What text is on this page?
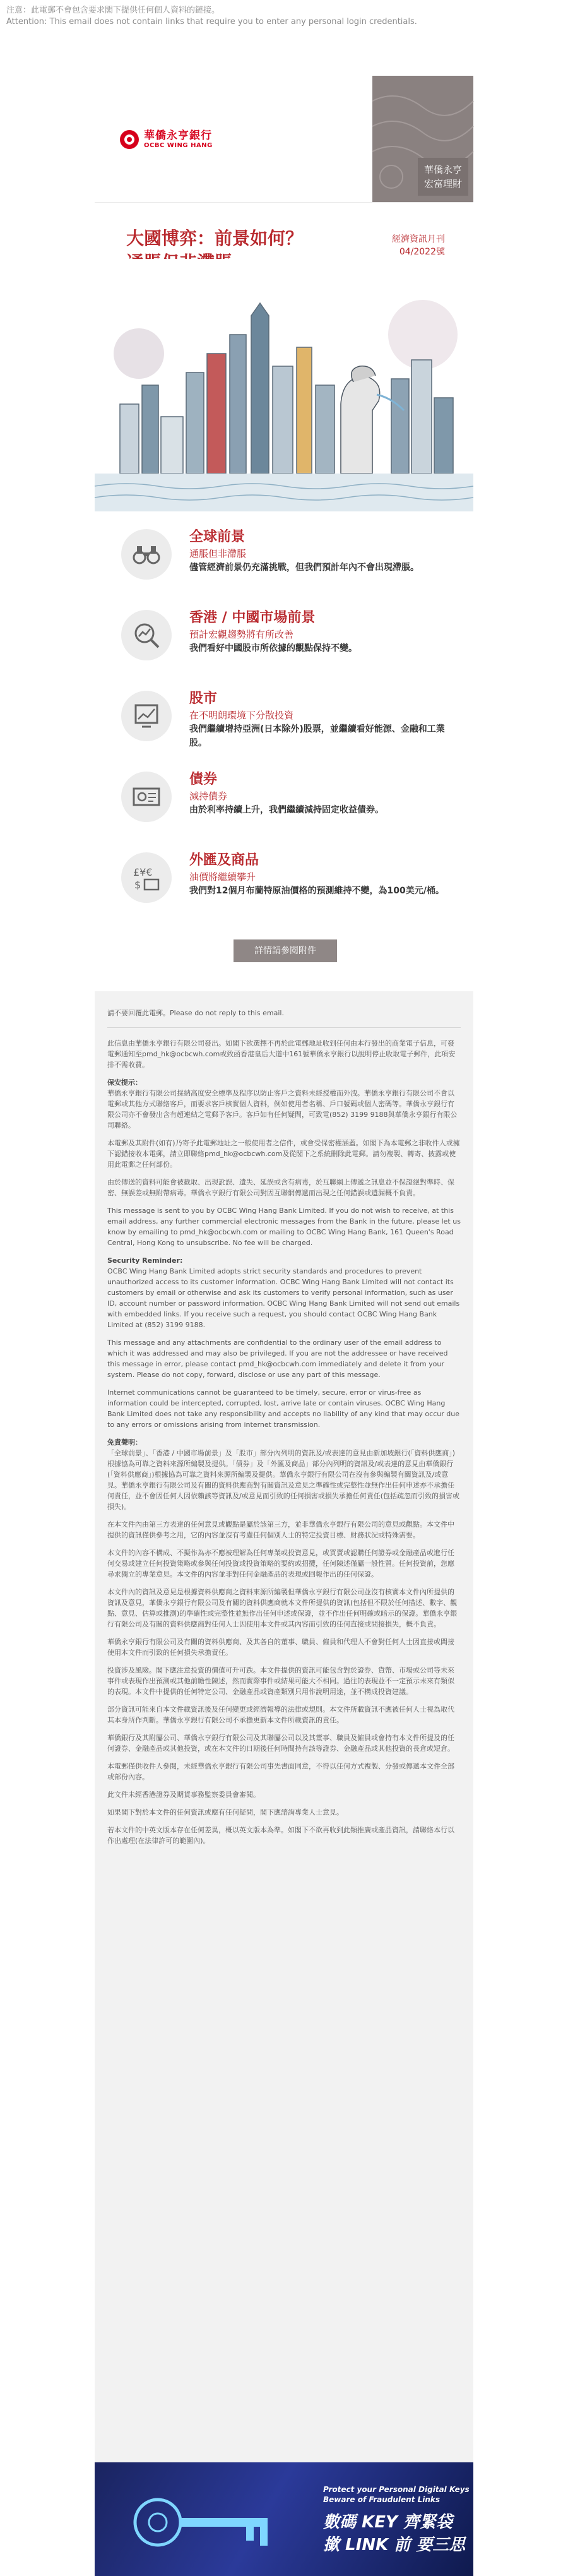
注意：此電郵不會包含要求閣下提供任何個人資料的鏈接。

Attention: This email does not contain links that require you to enter any personal login credentials.

華僑永亨銀行
OCBC WING HANG
華僑永亨
宏富理財
大國博弈：前景如何？	經濟資訊月刊
04/2022號
全球前景
通脹但非滯脹
儘管經濟前景仍充滿挑戰，但我們預計年內不會出現滯脹。
香港 / 中國市場前景
預計宏觀趨勢將有所改善
我們看好中國股市所依據的觀點保持不變。
股市
在不明朗環境下分散投資
我們繼續增持亞洲(日本除外)股票，並繼續看好能源、金融和工業股。
債券
減持債券
由於利率持續上升，我們繼續減持固定收益債券。
£¥€
$
外匯及商品
油價將繼續攀升
我們對12個月布蘭特原油價格的預測維持不變，為100美元/桶。
詳情請參閱附件

請不要回覆此電郵。Please do not reply to this email.

此信息由華僑永亨銀行有限公司發出。如閣下欲選擇不再於此電郵地址收到任何由本行發出的商業電子信息，可發電郵通知至pmd_hk@ocbcwh.com或致函香港皇后大道中161號華僑永亨銀行以說明停止收取電子郵件，此項安排不需收費。

保安提示：

華僑永亨銀行有限公司採納高度安全標準及程序以防止客戶之資料未經授權而外洩。華僑永亨銀行有限公司不會以電郵或其他方式聯絡客戶，而要求客戶核實個人資料，例如使用者名稱、戶口號碼或個人密碼等。華僑永亨銀行有限公司亦不會發出含有超連結之電郵予客戶。客戶如有任何疑問，可致電(852) 3199 9188與華僑永亨銀行有限公司聯絡。

本電郵及其附件(如有)乃寄予此電郵地址之一般使用者之信件，或會受保密權涵蓋。如閣下為本電郵之非收件人或擁下認錯接收本電郵，請立即聯絡pmd_hk@ocbcwh.com及從閣下之系統刪除此電郵。請勿複製、轉寄、披露或使用此電郵之任何部份。

由於傳送的資料可能會被截取、出現訛誤、遺失、延誤或含有病毒，於互聯網上傳遞之訊息並不保證絕對準時、保密、無誤差或無附帶病毒。華僑永亨銀行有限公司對因互聯網傳遞而出現之任何錯誤或遺漏概不負責。

This message is sent to you by OCBC Wing Hang Bank Limited. If you do not wish to receive, at this email address, any further commercial electronic messages from the Bank in the future, please let us know by emailing to pmd_hk@ocbcwh.com or mailing to OCBC Wing Hang Bank, 161 Queen's Road Central, Hong Kong to unsubscribe. No fee will be charged.

Security Reminder:

OCBC Wing Hang Bank Limited adopts strict security standards and procedures to prevent unauthorized access to its customer information. OCBC Wing Hang Bank Limited will not contact its customers by email or otherwise and ask its customers to verify personal information, such as user ID, account number or password information. OCBC Wing Hang Bank Limited will not send out emails with embedded links. If you receive such a request, you should contact OCBC Wing Hang Bank Limited at (852) 3199 9188.

This message and any attachments are confidential to the ordinary user of the email address to which it was addressed and may also be privileged. If you are not the addressee or have received this message in error, please contact pmd_hk@ocbcwh.com immediately and delete it from your system. Please do not copy, forward, disclose or use any part of this message.

Internet communications cannot be guaranteed to be timely, secure, error or virus-free as information could be intercepted, corrupted, lost, arrive late or contain viruses. OCBC Wing Hang Bank Limited does not take any responsibility and accepts no liability of any kind that may occur due to any errors or omissions arising from internet transmission.

免責聲明：

「全球前景」、「香港 / 中國市場前景」及「股市」部分內列明的資訊及/或表達的意見由新加坡銀行(「資料供應商」)根據協為可靠之資料來源所編製及提供。「債券」及「外匯及商品」部分內列明的資訊及/或表達的意見由華僑銀行(「資料供應商」)根據協為可靠之資料來源所編製及提供。華僑永亨銀行有限公司在沒有參與編製有關資訊及/或意見。華僑永亨銀行有限公司及有關的資料供應商對有關資訊及意見之準確性或完整性並無作出任何申述亦不承擔任何責任，並不會因任何人因依賴該等資訊及/或意見而引致的任何損害或損失承擔任何責任(包括疏忽而引致的損害或損失)。

在本文件內由第三方表達的任何意見或觀點是屬於該第三方，並非華僑永亨銀行有限公司的意見或觀點。本文件中提供的資訊僅供參考之用，它的內容並沒有考慮任何個別人士的特定投資目標、財務狀況或特殊需要。

本文件的內容不構成、不擬作為亦不應被理解為任何專業或投資意見，或買賣或認購任何證券或金融產品或進行任何交易或建立任何投資策略或參與任何投資或投資策略的要約或招攬，任何陳述僅屬一般性質。任何投資前，您應尋求獨立的專業意見。本文件的內容並非對任何金融產品的表現或回報作出的任何保證。

本文件內的資訊及意見是根據資料供應商之資料來源所編製但華僑永亨銀行有限公司並沒有核實本文件內所提供的資訊及意見，華僑永亨銀行有限公司及有關的資料供應商就本文件所提供的資訊(包括但不限於任何描述、數字、觀點、意見、估算或推測)的準確性或完整性並無作出任何申述或保證，並不作出任何明確或暗示的保證。華僑永亨銀行有限公司及有關的資料供應商對任何人士因使用本文件或其內容而引致的任何直接或間接損失，概不負責。

華僑永亨銀行有限公司及有關的資料供應商、及其各自的董事、職員、僱員和代理人不會對任何人士因直接或間接使用本文件而引致的任何損失承擔責任。

投資涉及風險。閣下應注意投資的價值可升可跌。本文件提供的資訊可能包含對於證券、貨幣、市場或公司等未來事件或表現作出預測或其他前瞻性陳述，然而實際事件或結果可能大不相同。過往的表現並不一定預示未來有類似的表現。本文件中提供的任何特定公司、金融產品或資產類別只用作說明用途，並不構成投資建議。

部分資訊可能來自本文件載資訊後及任何變更或經濟報導的法律或規則。本文件所載資訊不應被任何人士視為取代其本身所作判斷。華僑永亨銀行有限公司不承擔更新本文件所載資訊的責任。

華僑銀行及其附屬公司、華僑永亨銀行有限公司及其聯屬公司以及其董事、職員及僱員或會持有本文件所提及的任何證券、金融產品或其他投資，或在本文件的日期後任何時間持有該等證券、金融產品或其他投資的長倉或短倉。

本電郵僅供收件人參閱，未經華僑永亨銀行有限公司事先書面同意，不得以任何方式複製、分發或傳遞本文件全部或部份內容。

此文件未經香港證券及期貨事務監察委員會審閱。

如果閣下對於本文件的任何資訊或應有任何疑問，閣下應諮詢專業人士意見。

若本文件的中英文版本存在任何差異，概以英文版本為準。如閣下不欲再收到此類推廣或產品資訊，請聯絡本行以作出處理(在法律許可的範圍內)。

Protect your Personal Digital Keys
Beware of Fraudulent Links
數碼 KEY 齊緊袋
撳 LINK 前 要三思
